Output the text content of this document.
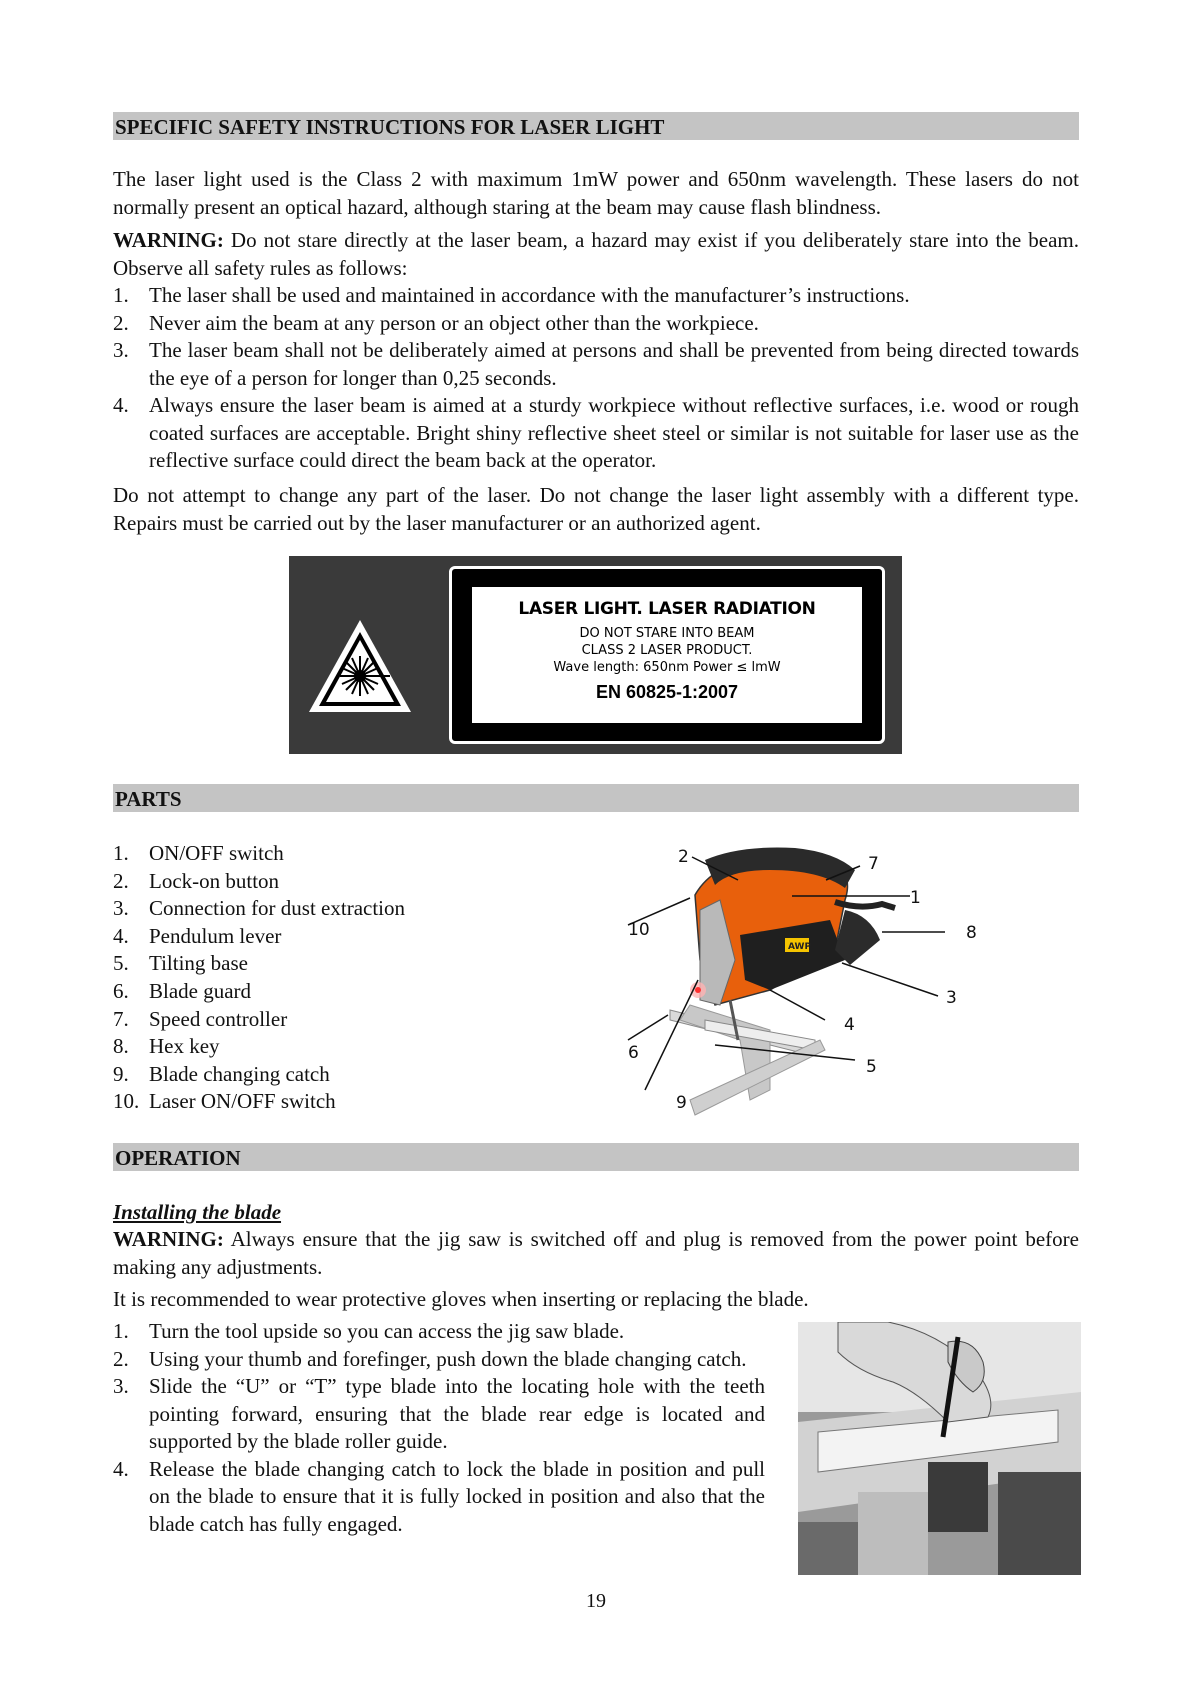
SPECIFIC SAFETY INSTRUCTIONS FOR LASER LIGHT

The laser light used is the Class 2 with maximum 1mW power and 650nm wavelength. These lasers do not normally present an optical hazard, although staring at the beam may cause flash blindness.

WARNING: Do not stare directly at the laser beam, a hazard may exist if you deliberately stare into the beam. Observe all safety rules as follows:

1. The laser shall be used and maintained in accordance with the manufacturer’s instructions.
2. Never aim the beam at any person or an object other than the workpiece.
3. The laser beam shall not be deliberately aimed at persons and shall be prevented from being directed towards the eye of a person for longer than 0,25 seconds.
4. Always ensure the laser beam is aimed at a sturdy workpiece without reflective surfaces, i.e. wood or rough coated surfaces are acceptable. Bright shiny reflective sheet steel or similar is not suitable for laser use as the reflective surface could direct the beam back at the operator.

Do not attempt to change any part of the laser. Do not change the laser light assembly with a different type. Repairs must be carried out by the laser manufacturer or an authorized agent.

LASER LIGHT. LASER RADIATION
DO NOT STARE INTO BEAM
CLASS 2 LASER PRODUCT.
Wave length: 650nm Power ≤ lmW
EN 60825-1:2007
PARTS
1. ON/OFF switch
2. Lock-on button
3. Connection for dust extraction
4. Pendulum lever
5. Tilting base
6. Blade guard
7. Speed controller
8. Hex key
9. Blade changing catch
10. Laser ON/OFF switch
AWP
1
2
3
4
5
6
7
8
9
10
OPERATION
Installing the blade

WARNING: Always ensure that the jig saw is switched off and plug is removed from the power point before making any adjustments.

It is recommended to wear protective gloves when inserting or replacing the blade.

1. Turn the tool upside so you can access the jig saw blade.
2. Using your thumb and forefinger, push down the blade changing catch.
3. Slide the “U” or “T” type blade into the locating hole with the teeth pointing forward, ensuring that the blade rear edge is located and supported by the blade roller guide.
4. Release the blade changing catch to lock the blade in position and pull on the blade to ensure that it is fully locked in position and also that the blade catch has fully engaged.
19
